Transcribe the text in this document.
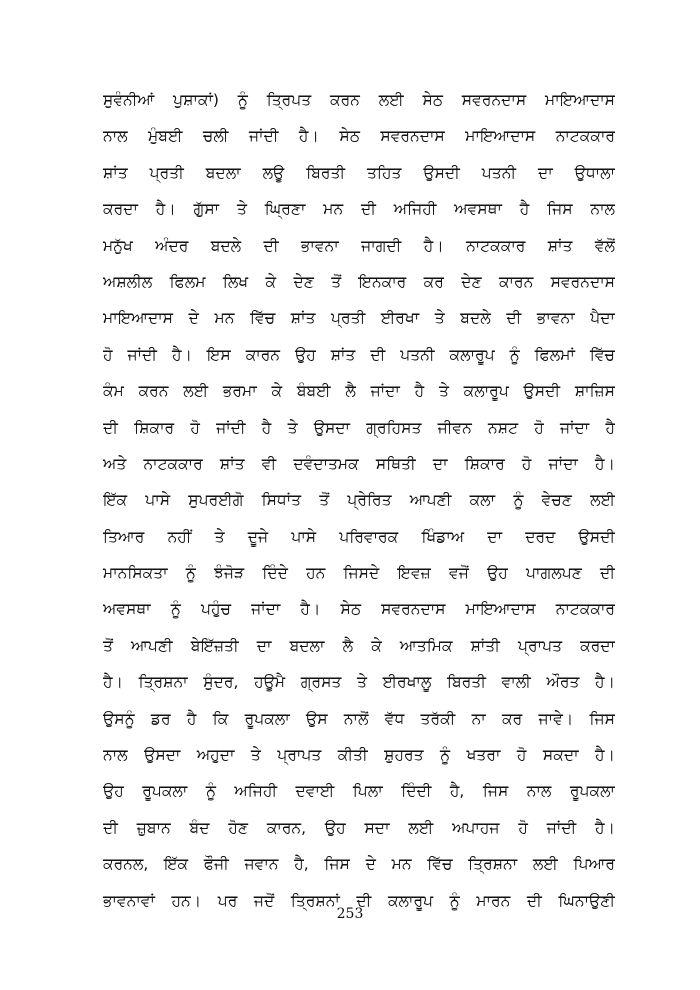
ਸੁਵੰਨੀਆਂ ਪੁਸ਼ਾਕਾਂ) ਨੂੰ ਤ੍ਰਿਪਤ ਕਰਨ ਲਈ ਸੇਠ ਸਵਰਨਦਾਸ ਮਾਇਆਦਾਸ
ਨਾਲ ਮੁੰਬਈ ਚਲੀ ਜਾਂਦੀ ਹੈ। ਸੇਠ ਸਵਰਨਦਾਸ ਮਾਇਆਦਾਸ ਨਾਟਕਕਾਰ
ਸ਼ਾਂਤ ਪ੍ਰਤੀ ਬਦਲਾ ਲਊ ਬਿਰਤੀ ਤਹਿਤ ਉਸਦੀ ਪਤਨੀ ਦਾ ਉਧਾਲਾ
ਕਰਦਾ ਹੈ। ਗੁੱਸਾ ਤੇ ਘ੍ਰਿਣਾ ਮਨ ਦੀ ਅਜਿਹੀ ਅਵਸਥਾ ਹੈ ਜਿਸ ਨਾਲ
ਮਨੁੱਖ ਅੰਦਰ ਬਦਲੇ ਦੀ ਭਾਵਨਾ ਜਾਗਦੀ ਹੈ। ਨਾਟਕਕਾਰ ਸ਼ਾਂਤ ਵੱਲੋਂ
ਅਸ਼ਲੀਲ ਫਿਲਮ ਲਿਖ ਕੇ ਦੇਣ ਤੋਂ ਇਨਕਾਰ ਕਰ ਦੇਣ ਕਾਰਨ ਸਵਰਨਦਾਸ
ਮਾਇਆਦਾਸ ਦੇ ਮਨ ਵਿੱਚ ਸ਼ਾਂਤ ਪ੍ਰਤੀ ਈਰਖਾ ਤੇ ਬਦਲੇ ਦੀ ਭਾਵਨਾ ਪੈਦਾ
ਹੋ ਜਾਂਦੀ ਹੈ। ਇਸ ਕਾਰਨ ਉਹ ਸ਼ਾਂਤ ਦੀ ਪਤਨੀ ਕਲਾਰੂਪ ਨੂੰ ਫਿਲਮਾਂ ਵਿੱਚ
ਕੰਮ ਕਰਨ ਲਈ ਭਰਮਾ ਕੇ ਬੰਬਈ ਲੈ ਜਾਂਦਾ ਹੈ ਤੇ ਕਲਾਰੂਪ ਉਸਦੀ ਸ਼ਾਜ਼ਿਸ
ਦੀ ਸ਼ਿਕਾਰ ਹੋ ਜਾਂਦੀ ਹੈ ਤੇ ਉਸਦਾ ਗ੍ਰਹਿਸਤ ਜੀਵਨ ਨਸ਼ਟ ਹੋ ਜਾਂਦਾ ਹੈ
ਅਤੇ ਨਾਟਕਕਾਰ ਸ਼ਾਂਤ ਵੀ ਦਵੰਦਾਤਮਕ ਸਥਿਤੀ ਦਾ ਸ਼ਿਕਾਰ ਹੋ ਜਾਂਦਾ ਹੈ।
ਇੱਕ ਪਾਸੇ ਸੁਪਰਈਗੋ ਸਿਧਾਂਤ ਤੋਂ ਪ੍ਰੇਰਿਤ ਆਪਣੀ ਕਲਾ ਨੂੰ ਵੇਚਣ ਲਈ
ਤਿਆਰ ਨਹੀਂ ਤੇ ਦੂਜੇ ਪਾਸੇ ਪਰਿਵਾਰਕ ਖਿੰਡਾਅ ਦਾ ਦਰਦ ਉਸਦੀ
ਮਾਨਸਿਕਤਾ ਨੂੰ ਝੰਜੋੜ ਦਿੰਦੇ ਹਨ ਜਿਸਦੇ ਇਵਜ਼ ਵਜੋਂ ਉਹ ਪਾਗਲਪਣ ਦੀ
ਅਵਸਥਾ ਨੂੰ ਪਹੁੰਚ ਜਾਂਦਾ ਹੈ। ਸੇਠ ਸਵਰਨਦਾਸ ਮਾਇਆਦਾਸ ਨਾਟਕਕਾਰ
ਤੋਂ ਆਪਣੀ ਬੇਇੱਜ਼ਤੀ ਦਾ ਬਦਲਾ ਲੈ ਕੇ ਆਤਮਿਕ ਸ਼ਾਂਤੀ ਪ੍ਰਾਪਤ ਕਰਦਾ
ਹੈ। ਤ੍ਰਿਸ਼ਨਾ ਸੁੰਦਰ, ਹਊਮੈ ਗ੍ਰਸਤ ਤੇ ਈਰਖਾਲੂ ਬਿਰਤੀ ਵਾਲੀ ਔਰਤ ਹੈ।
ਉਸਨੂੰ ਡਰ ਹੈ ਕਿ ਰੂਪਕਲਾ ਉਸ ਨਾਲੋਂ ਵੱਧ ਤਰੱਕੀ ਨਾ ਕਰ ਜਾਵੇ। ਜਿਸ
ਨਾਲ ਉਸਦਾ ਅਹੁਦਾ ਤੇ ਪ੍ਰਾਪਤ ਕੀਤੀ ਸ਼ੁਹਰਤ ਨੂੰ ਖਤਰਾ ਹੋ ਸਕਦਾ ਹੈ।
ਉਹ ਰੂਪਕਲਾ ਨੂੰ ਅਜਿਹੀ ਦਵਾਈ ਪਿਲਾ ਦਿੰਦੀ ਹੈ, ਜਿਸ ਨਾਲ ਰੂਪਕਲਾ
ਦੀ ਜ਼ੁਬਾਨ ਬੰਦ ਹੋਣ ਕਾਰਨ, ਉਹ ਸਦਾ ਲਈ ਅਪਾਹਜ ਹੋ ਜਾਂਦੀ ਹੈ।
ਕਰਨਲ, ਇੱਕ ਫੌਜੀ ਜਵਾਨ ਹੈ, ਜਿਸ ਦੇ ਮਨ ਵਿੱਚ ਤ੍ਰਿਸ਼ਨਾ ਲਈ ਪਿਆਰ
ਭਾਵਨਾਵਾਂ ਹਨ। ਪਰ ਜਦੋਂ ਤ੍ਰਿਸ਼ਨਾਂ ਦੀ ਕਲਾਰੂਪ ਨੂੰ ਮਾਰਨ ਦੀ ਘਿਨਾਉਣੀ
253
